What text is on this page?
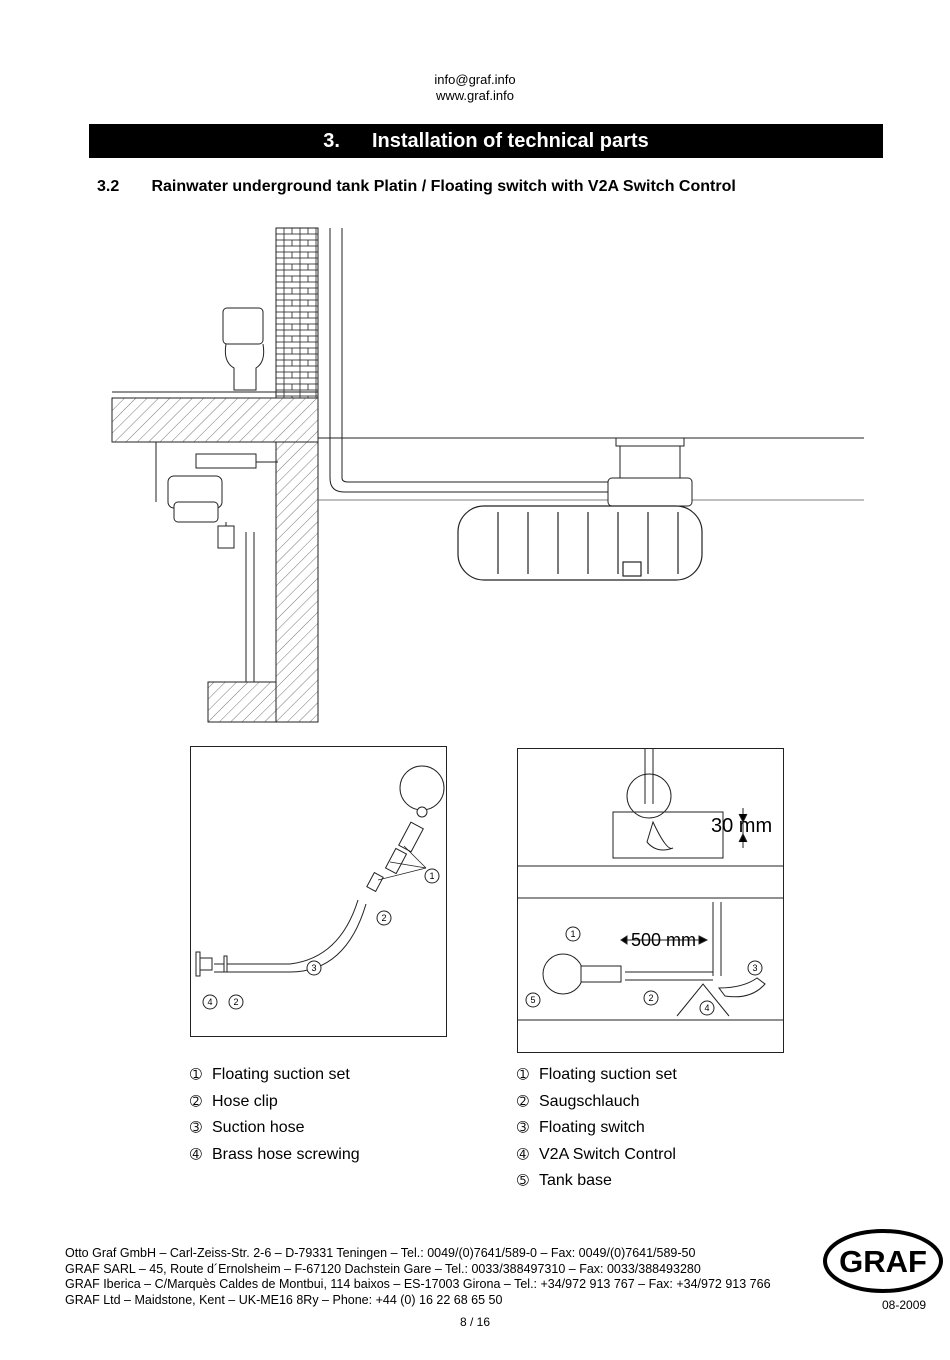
info@graf.info
www.graf.info
3. Installation of technical parts
3.2 Rainwater underground tank Platin / Floating switch with V2A Switch Control
1
2
3
4 2
30 mm
500 mm
1
2
3
4
5
➀ Floating suction set
➁ Hose clip
➂ Suction hose
➃ Brass hose screwing
➀ Floating suction set
➁ Saugschlauch
➂ Floating switch
➃ V2A Switch Control
➄ Tank base
Otto Graf GmbH – Carl-Zeiss-Str. 2-6 – D-79331 Teningen – Tel.: 0049/(0)7641/589-0 – Fax: 0049/(0)7641/589-50
GRAF SARL – 45, Route d´Ernolsheim – F-67120 Dachstein Gare – Tel.: 0033/388497310 – Fax: 0033/388493280
GRAF Iberica – C/Marquès Caldes de Montbui, 114 baixos – ES-17003 Girona – Tel.: +34/972 913 767 – Fax: +34/972 913 766
GRAF Ltd – Maidstone, Kent – UK-ME16 8Ry – Phone: +44 (0) 16 22 68 65 50
GRAF
08-2009
8 / 16
